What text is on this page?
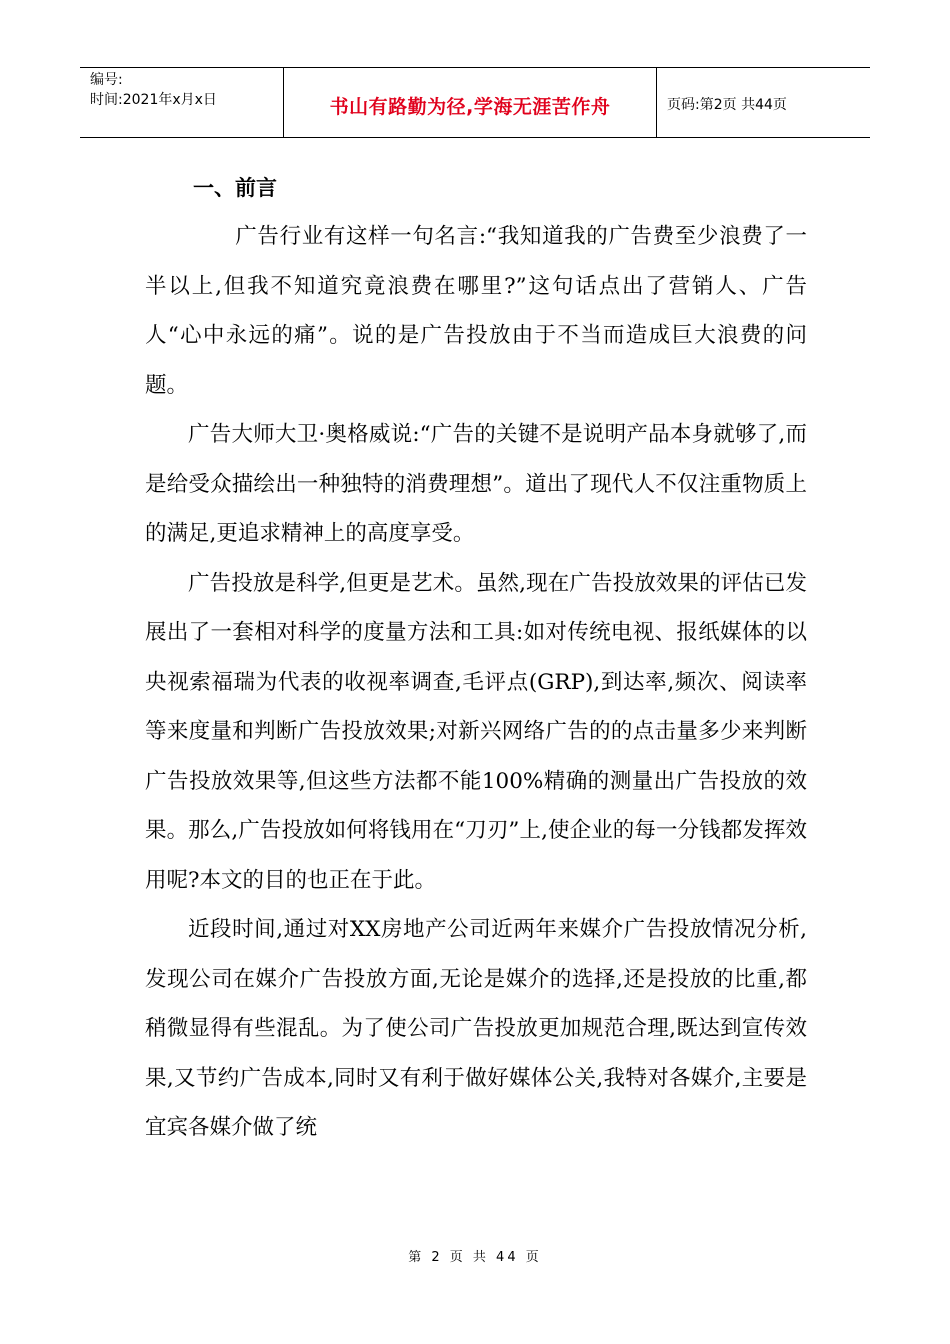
编号:
时间:2021年x月x日	书山有路勤为径,学海无涯苦作舟	页码:第2页 共44页
一、前言

广告行业有这样一句名言:“我知道我的广告费至少浪费了一半以上,但我不知道究竟浪费在哪里?”这句话点出了营销人、广告人“心中永远的痛”。说的是广告投放由于不当而造成巨大浪费的问题。

广告大师大卫·奥格威说:“广告的关键不是说明产品本身就够了,而是给受众描绘出一种独特的消费理想”。道出了现代人不仅注重物质上的满足,更追求精神上的高度享受。

广告投放是科学,但更是艺术。虽然,现在广告投放效果的评估已发展出了一套相对科学的度量方法和工具:如对传统电视、报纸媒体的以央视索福瑞为代表的收视率调查,毛评点(GRP),到达率,频次、阅读率等来度量和判断广告投放效果;对新兴网络广告的的点击量多少来判断广告投放效果等,但这些方法都不能100%精确的测量出广告投放的效果。那么,广告投放如何将钱用在“刀刃”上,使企业的每一分钱都发挥效用呢?本文的目的也正在于此。

近段时间,通过对XX房地产公司近两年来媒介广告投放情况分析,发现公司在媒介广告投放方面,无论是媒介的选择,还是投放的比重,都稍微显得有些混乱。为了使公司广告投放更加规范合理,既达到宣传效果,又节约广告成本,同时又有利于做好媒体公关,我特对各媒介,主要是宜宾各媒介做了统

第 2 页 共 44 页
